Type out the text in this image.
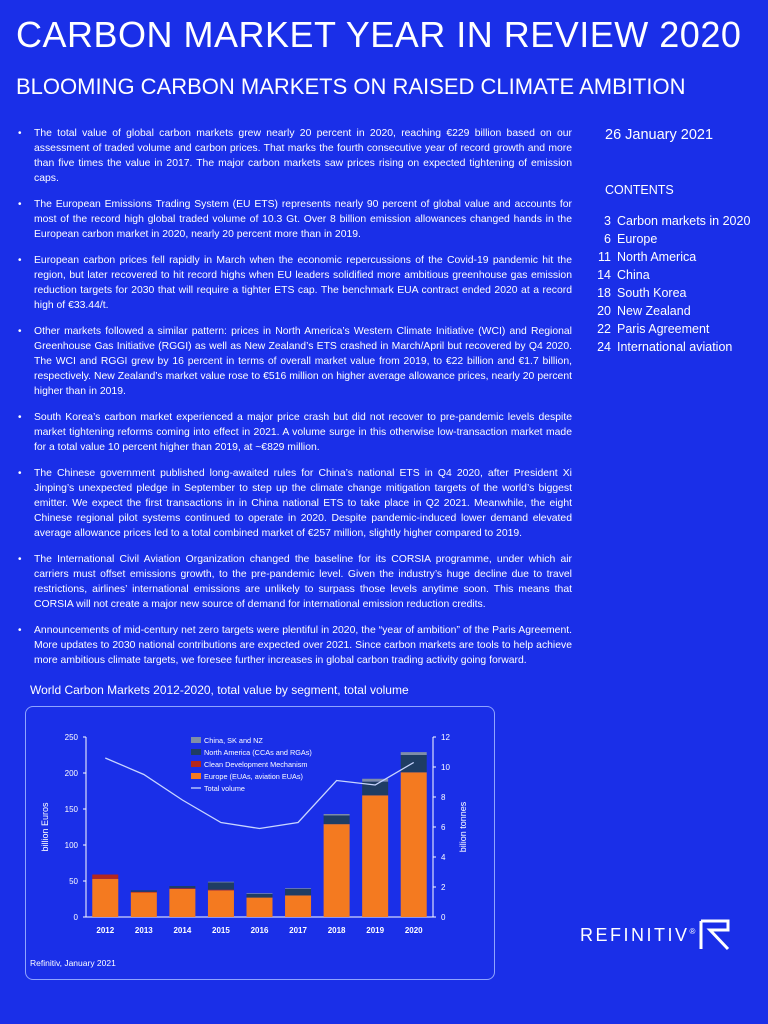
CARBON MARKET YEAR IN REVIEW 2020
BLOOMING CARBON MARKETS ON RAISED CLIMATE AMBITION
• The total value of global carbon markets grew nearly 20 percent in 2020, reaching €229 billion based on our assessment of traded volume and carbon prices. That marks the fourth consecutive year of record growth and more than five times the value in 2017. The major carbon markets saw prices rising on expected tightening of emission caps.
• The European Emissions Trading System (EU ETS) represents nearly 90 percent of global value and accounts for most of the record high global traded volume of 10.3 Gt. Over 8 billion emission allowances changed hands in the European carbon market in 2020, nearly 20 percent more than in 2019.
• European carbon prices fell rapidly in March when the economic repercussions of the Covid-19 pandemic hit the region, but later recovered to hit record highs when EU leaders solidified more ambitious greenhouse gas emission reduction targets for 2030 that will require a tighter ETS cap. The benchmark EUA contract ended 2020 at a record high of €33.44/t.
• Other markets followed a similar pattern: prices in North America’s Western Climate Initiative (WCI) and Regional Greenhouse Gas Initiative (RGGI) as well as New Zealand’s ETS crashed in March/April but recovered by Q4 2020. The WCI and RGGI grew by 16 percent in terms of overall market value from 2019, to €22 billion and €1.7 billion, respectively. New Zealand’s market value rose to €516 million on higher average allowance prices, nearly 20 percent higher than in 2019.
• South Korea’s carbon market experienced a major price crash but did not recover to pre-pandemic levels despite market tightening reforms coming into effect in 2021. A volume surge in this otherwise low-transaction market made for a total value 10 percent higher than 2019, at ~€829 million.
• The Chinese government published long-awaited rules for China’s national ETS in Q4 2020, after President Xi Jinping’s unexpected pledge in September to step up the climate change mitigation targets of the world’s biggest emitter. We expect the first transactions in in China national ETS to take place in Q2 2021. Meanwhile, the eight Chinese regional pilot systems continued to operate in 2020. Despite pandemic-induced lower demand elevated average allowance prices led to a total combined market of €257 million, slightly higher compared to 2019.
• The International Civil Aviation Organization changed the baseline for its CORSIA programme, under which air carriers must offset emissions growth, to the pre-pandemic level. Given the industry’s huge decline due to travel restrictions, airlines’ international emissions are unlikely to surpass those levels anytime soon. This means that CORSIA will not create a major new source of demand for international emission reduction credits.
• Announcements of mid-century net zero targets were plentiful in 2020, the “year of ambition” of the Paris Agreement. More updates to 2030 national contributions are expected over 2021. Since carbon markets are tools to help achieve more ambitious climate targets, we foresee further increases in global carbon trading activity going forward.
26 January 2021
CONTENTS
3 Carbon markets in 2020
6 Europe
11 North America
14 China
18 South Korea
20 New Zealand
22 Paris Agreement
24 International aviation
World Carbon Markets 2012-2020, total value by segment, total volume
0
50
100
150
200
250
0
2
4
6
8
10
12
billion Euros	bilion tonnes
2012	2013	2014	2015	2016	2017	2018	2019	2020
China, SK and NZ
North America (CCAs and RGAs)
Clean Development Mechanism
Europe (EUAs, aviation EUAs)
Total volume
Refinitiv, January 2021
REFINITIV®
